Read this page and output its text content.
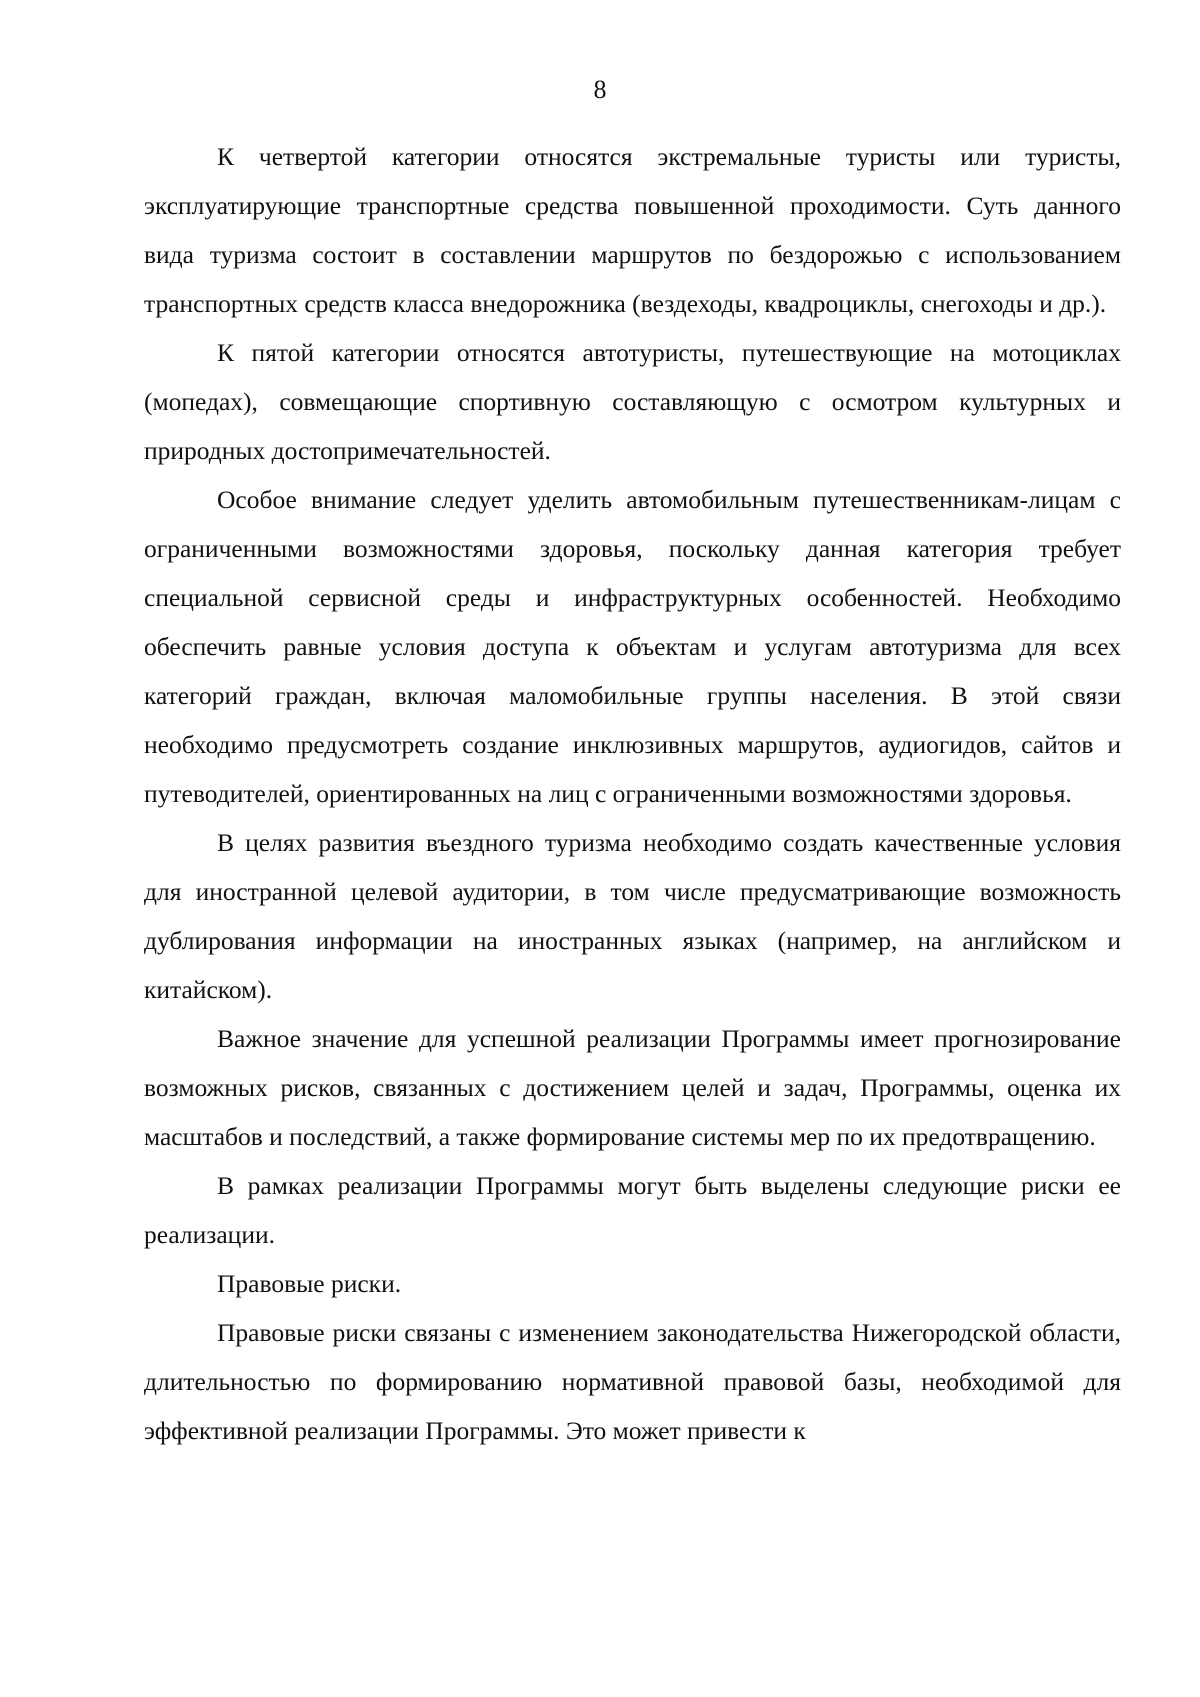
8

К четвертой категории относятся экстремальные туристы или туристы, эксплуатирующие транспортные средства повышенной проходимости. Суть данного вида туризма состоит в составлении маршрутов по бездорожью с использованием транспортных средств класса внедорожника (вездеходы, квадроциклы, снегоходы и др.).

К пятой категории относятся автотуристы, путешествующие на мотоциклах (мопедах), совмещающие спортивную составляющую с осмотром культурных и природных достопримечательностей.

Особое внимание следует уделить автомобильным путешественникам-лицам с ограниченными возможностями здоровья, поскольку данная категория требует специальной сервисной среды и инфраструктурных особенностей. Необходимо обеспечить равные условия доступа к объектам и услугам автотуризма для всех категорий граждан, включая маломобильные группы населения. В этой связи необходимо предусмотреть создание инклюзивных маршрутов, аудиогидов, сайтов и путеводителей, ориентированных на лиц с ограниченными возможностями здоровья.

В целях развития въездного туризма необходимо создать качественные условия для иностранной целевой аудитории, в том числе предусматривающие возможность дублирования информации на иностранных языках (например, на английском и китайском).

Важное значение для успешной реализации Программы имеет прогнозирование возможных рисков, связанных с достижением целей и задач, Программы, оценка их масштабов и последствий, а также формирование системы мер по их предотвращению.

В рамках реализации Программы могут быть выделены следующие риски ее реализации.

Правовые риски.

Правовые риски связаны с изменением законодательства Нижегородской области, длительностью по формированию нормативной правовой базы, необходимой для эффективной реализации Программы. Это может привести к
